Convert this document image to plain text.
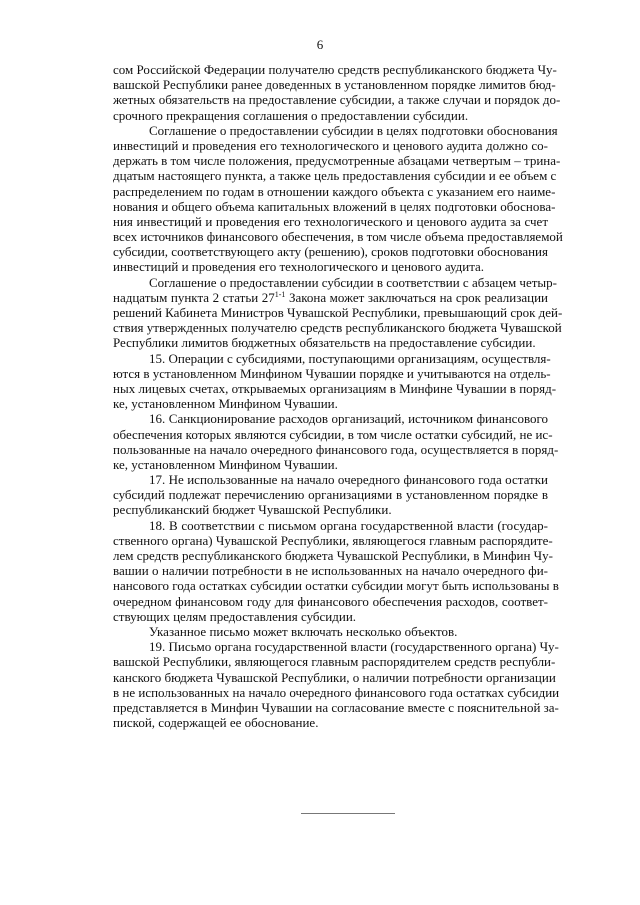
6
сом Российской Федерации получателю средств республиканского бюджета Чу-
вашской Республики ранее доведенных в установленном порядке лимитов бюд-
жетных обязательств на предоставление субсидии, а также случаи и порядок до-
срочного прекращения соглашения о предоставлении субсидии.
Соглашение о предоставлении субсидии в целях подготовки обоснования
инвестиций и проведения его технологического и ценового аудита должно со-
держать в том числе положения, предусмотренные абзацами четвертым – трина-
дцатым настоящего пункта, а также цель предоставления субсидии и ее объем с
распределением по годам в отношении каждого объекта с указанием его наиме-
нования и общего объема капитальных вложений в целях подготовки обоснова-
ния инвестиций и проведения его технологического и ценового аудита за счет
всех источников финансового обеспечения, в том числе объема предоставляемой
субсидии, соответствующего акту (решению), сроков подготовки обоснования
инвестиций и проведения его технологического и ценового аудита.
Соглашение о предоставлении субсидии в соответствии с абзацем четыр-
надцатым пункта 2 статьи 27$^{1-1}$ Закона может заключаться на срок реализации
решений Кабинета Министров Чувашской Республики, превышающий срок дей-
ствия утвержденных получателю средств республиканского бюджета Чувашской
Республики лимитов бюджетных обязательств на предоставление субсидии.
15. Операции с субсидиями, поступающими организациям, осуществля-
ются в установленном Минфином Чувашии порядке и учитываются на отдель-
ных лицевых счетах, открываемых организациям в Минфине Чувашии в поряд-
ке, установленном Минфином Чувашии.
16. Санкционирование расходов организаций, источником финансового
обеспечения которых являются субсидии, в том числе остатки субсидий, не ис-
пользованные на начало очередного финансового года, осуществляется в поряд-
ке, установленном Минфином Чувашии.
17. Не использованные на начало очередного финансового года остатки
субсидий подлежат перечислению организациями в установленном порядке в
республиканский бюджет Чувашской Республики.
18. В соответствии с письмом органа государственной власти (государ-
ственного органа) Чувашской Республики, являющегося главным распорядите-
лем средств республиканского бюджета Чувашской Республики, в Минфин Чу-
вашии о наличии потребности в не использованных на начало очередного фи-
нансового года остатках субсидии остатки субсидии могут быть использованы в
очередном финансовом году для финансового обеспечения расходов, соответ-
ствующих целям предоставления субсидии.
Указанное письмо может включать несколько объектов.
19. Письмо органа государственной власти (государственного органа) Чу-
вашской Республики, являющегося главным распорядителем средств республи-
канского бюджета Чувашской Республики, о наличии потребности организации
в не использованных на начало очередного финансового года остатках субсидии
представляется в Минфин Чувашии на согласование вместе с пояснительной за-
пиской, содержащей ее обоснование.
